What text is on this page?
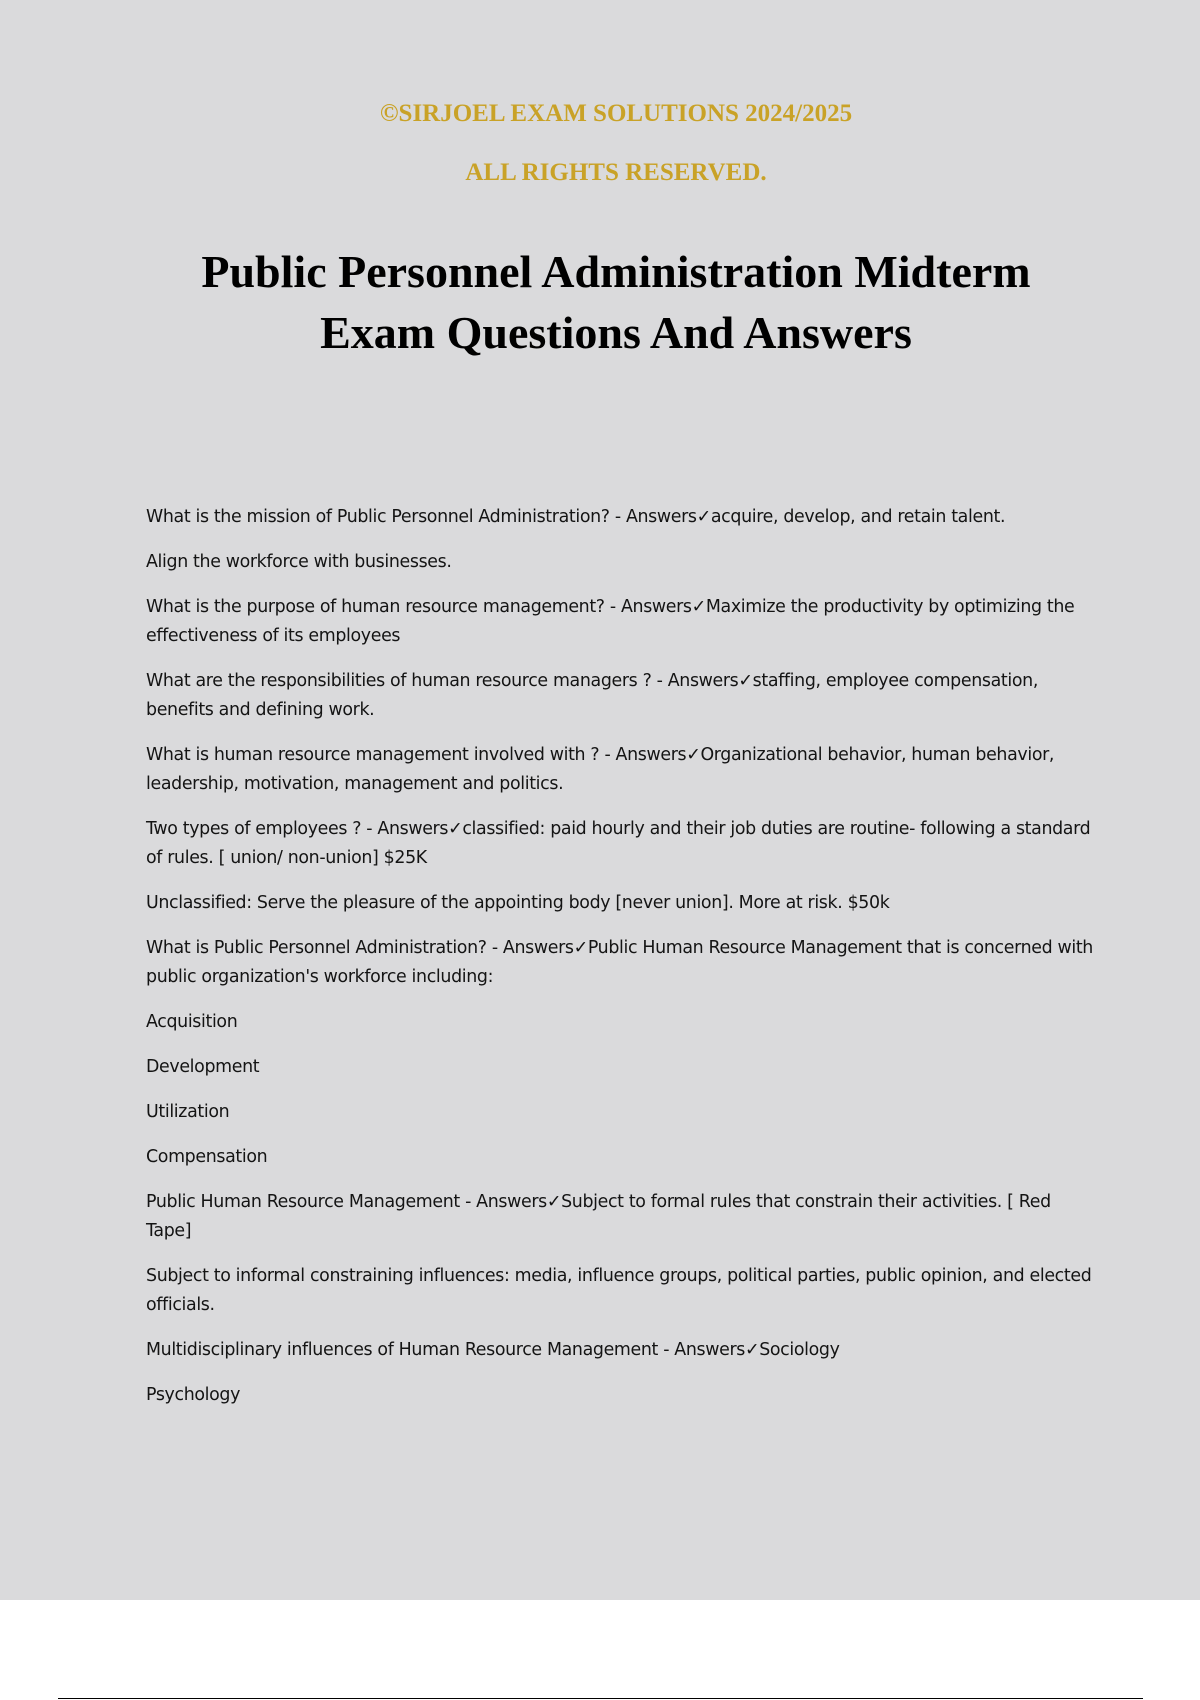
©SIRJOEL EXAM SOLUTIONS 2024/2025

ALL RIGHTS RESERVED.

Public Personnel Administration Midterm
Exam Questions And Answers

What is the mission of Public Personnel Administration? - Answers✓acquire, develop, and retain talent.

Align the workforce with businesses.

What is the purpose of human resource management? - Answers✓Maximize the productivity by optimizing the effectiveness of its employees

What are the responsibilities of human resource managers ? - Answers✓staffing, employee compensation, benefits and defining work.

What is human resource management involved with ? - Answers✓Organizational behavior, human behavior, leadership, motivation, management and politics.

Two types of employees ? - Answers✓classified: paid hourly and their job duties are routine- following a standard of rules. [ union/ non-union] $25K

Unclassified: Serve the pleasure of the appointing body [never union]. More at risk. $50k

What is Public Personnel Administration? - Answers✓Public Human Resource Management that is concerned with public organization's workforce including:

Acquisition

Development

Utilization

Compensation

Public Human Resource Management - Answers✓Subject to formal rules that constrain their activities. [ Red Tape]

Subject to informal constraining influences: media, influence groups, political parties, public opinion, and elected officials.

Multidisciplinary influences of Human Resource Management - Answers✓Sociology

Psychology
